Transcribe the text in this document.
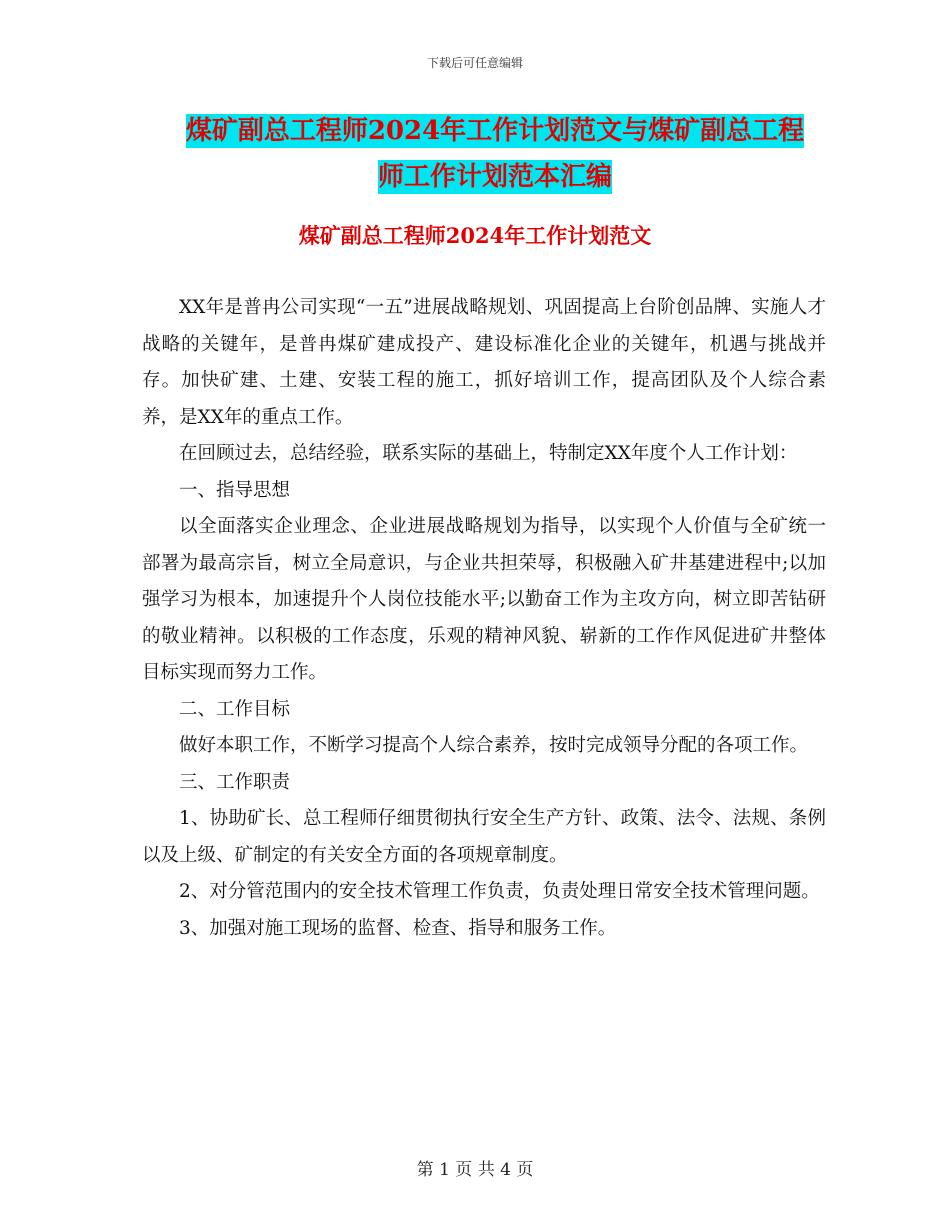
下载后可任意编辑
煤矿副总工程师2024年工作计划范文与煤矿副总工程
师工作计划范本汇编
煤矿副总工程师2024年工作计划范文

XX年是普冉公司实现“一五”进展战略规划、巩固提高上台阶创品牌、实施人才战略的关键年，是普冉煤矿建成投产、建设标准化企业的关键年，机遇与挑战并存。加快矿建、土建、安装工程的施工，抓好培训工作，提高团队及个人综合素养，是XX年的重点工作。

在回顾过去，总结经验，联系实际的基础上，特制定XX年度个人工作计划：

一、指导思想

以全面落实企业理念、企业进展战略规划为指导，以实现个人价值与全矿统一部署为最高宗旨，树立全局意识，与企业共担荣辱，积极融入矿井基建进程中;以加强学习为根本，加速提升个人岗位技能水平;以勤奋工作为主攻方向，树立即苦钻研的敬业精神。以积极的工作态度，乐观的精神风貌、崭新的工作作风促进矿井整体目标实现而努力工作。

二、工作目标

做好本职工作，不断学习提高个人综合素养，按时完成领导分配的各项工作。

三、工作职责

1、协助矿长、总工程师仔细贯彻执行安全生产方针、政策、法令、法规、条例以及上级、矿制定的有关安全方面的各项规章制度。

2、对分管范围内的安全技术管理工作负责，负责处理日常安全技术管理问题。

3、加强对施工现场的监督、检查、指导和服务工作。

第 1 页 共 4 页
